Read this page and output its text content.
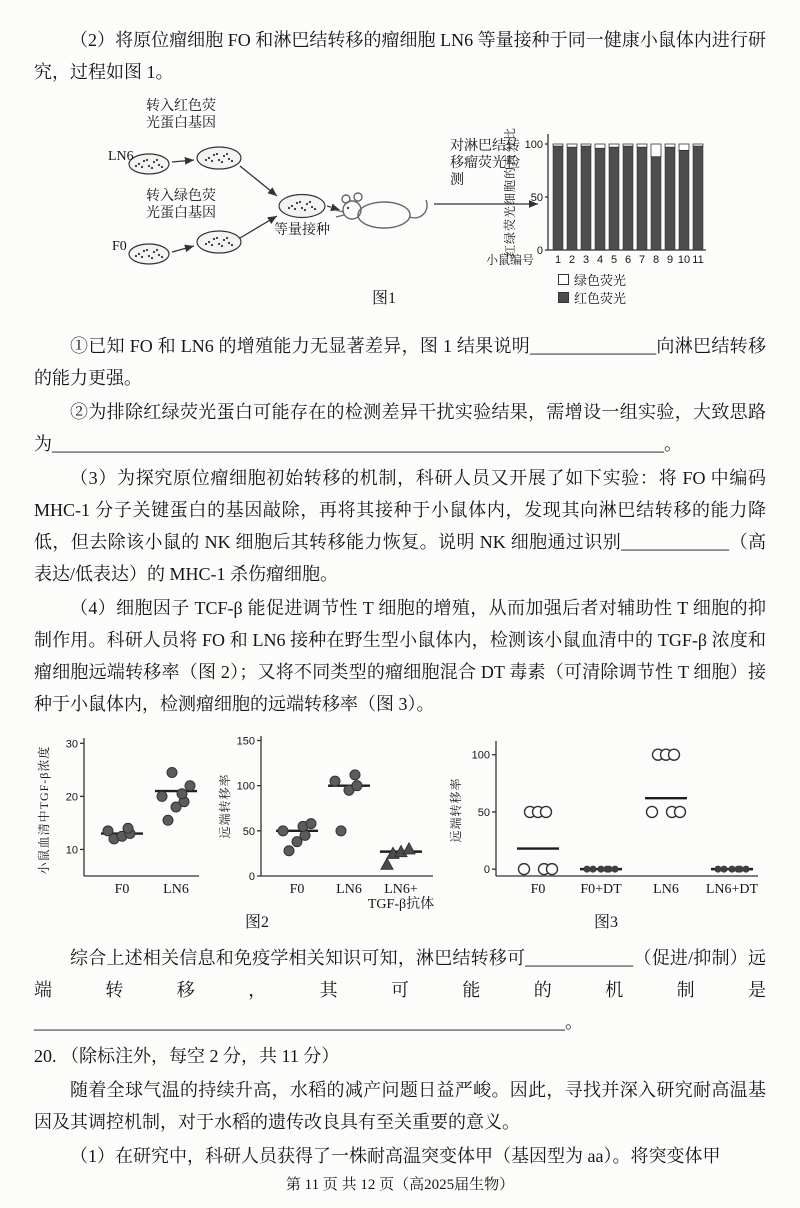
（2）将原位瘤细胞 FO 和淋巴结转移的瘤细胞 LN6 等量接种于同一健康小鼠体内进行研究，过程如图 1。

0
50
100
1 2 3 4 5 6 7 8 9 10 11
转入红色荧光蛋白基因
LN6
转入绿色荧光蛋白基因
F0
等量接种
对淋巴结转移瘤荧光检测	红绿荧光细胞的百分比
小鼠编号
绿色荧光
红色荧光
图1

①已知 FO 和 LN6 的增殖能力无显著差异，图 1 结果说明______________向淋巴结转移的能力更强。

②为排除红绿荧光蛋白可能存在的检测差异干扰实验结果，需增设一组实验，大致思路为____________________________________________________________________。

（3）为探究原位瘤细胞初始转移的机制，科研人员又开展了如下实验：将 FO 中编码 MHC-1 分子关键蛋白的基因敲除，再将其接种于小鼠体内，发现其向淋巴结转移的能力降低，但去除该小鼠的 NK 细胞后其转移能力恢复。说明 NK 细胞通过识别____________（高表达/低表达）的 MHC-1 杀伤瘤细胞。

（4）细胞因子 TCF-β 能促进调节性 T 细胞的增殖，从而加强后者对辅助性 T 细胞的抑制作用。科研人员将 FO 和 LN6 接种在野生型小鼠体内，检测该小鼠血清中的 TGF-β 浓度和瘤细胞远端转移率（图 2）；又将不同类型的瘤细胞混合 DT 毒素（可清除调节性 T 细胞）接种于小鼠体内，检测瘤细胞的远端转移率（图 3）。

10
20
30
F0 LN6
小鼠血清中TGF-β浓度
0
50
100
150
F0 LN6 LN6+
TGF-β抗体
远端转移率
图2
0
50
100
F0 F0+DT LN6 LN6+DT
远端转移率
图3

综合上述相关信息和免疫学相关知识可知，淋巴结转移可____________（促进/抑制）远端转移，其可能的机制是___________________________________________________________。

20. （除标注外，每空 2 分，共 11 分）

随着全球气温的持续升高，水稻的减产问题日益严峻。因此，寻找并深入研究耐高温基因及其调控机制，对于水稻的遗传改良具有至关重要的意义。

（1）在研究中，科研人员获得了一株耐高温突变体甲（基因型为 aa）。将突变体甲

第 11 页 共 12 页（高2025届生物）
